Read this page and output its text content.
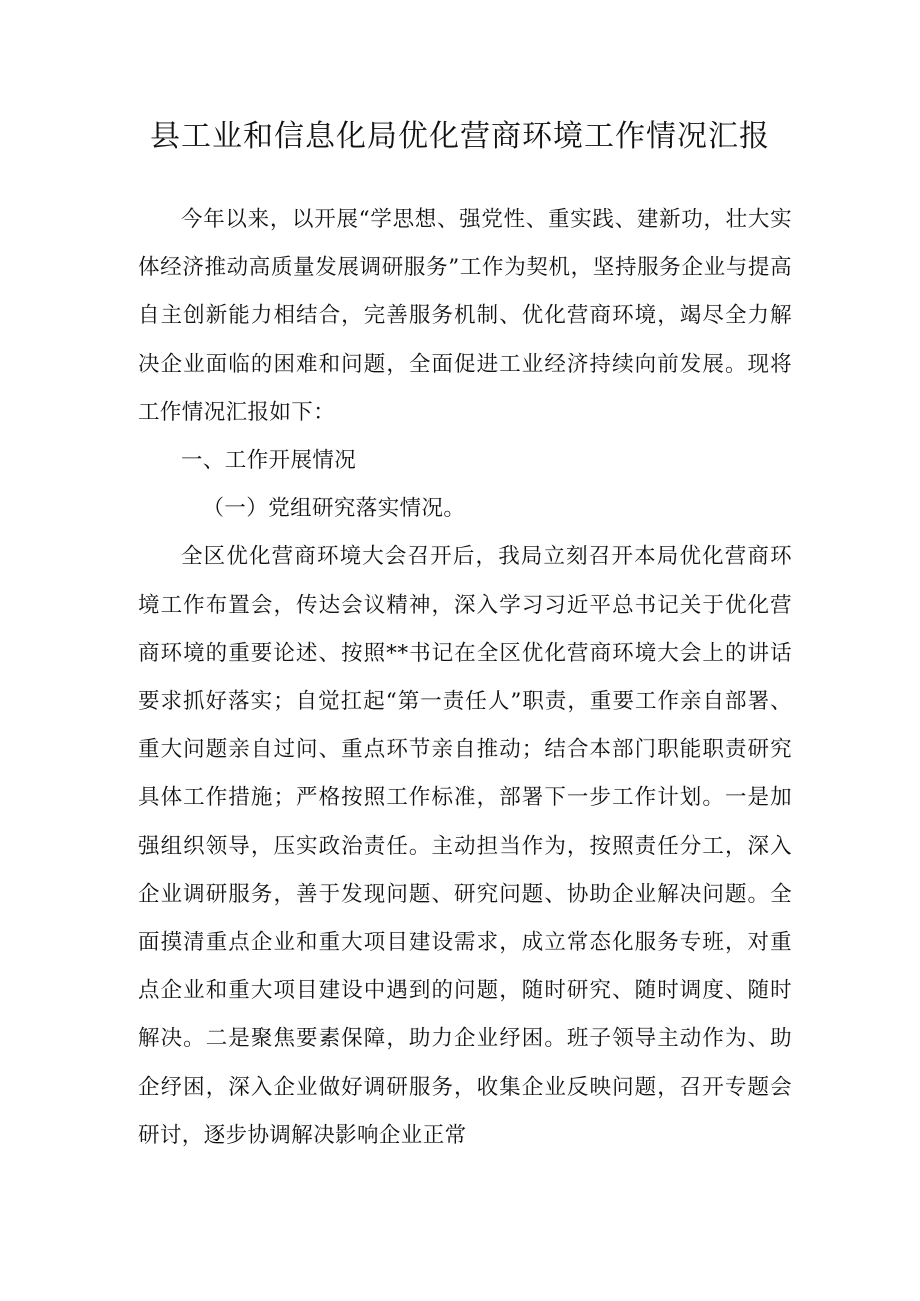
县工业和信息化局优化营商环境工作情况汇报

今年以来，以开展“学思想、强党性、重实践、建新功，壮大实体经济推动高质量发展调研服务”工作为契机，坚持服务企业与提高自主创新能力相结合，完善服务机制、优化营商环境，竭尽全力解决企业面临的困难和问题，全面促进工业经济持续向前发展。现将工作情况汇报如下：

一、工作开展情况

（一）党组研究落实情况。

全区优化营商环境大会召开后，我局立刻召开本局优化营商环境工作布置会，传达会议精神，深入学习习近平总书记关于优化营商环境的重要论述、按照**书记在全区优化营商环境大会上的讲话要求抓好落实；自觉扛起“第一责任人”职责，重要工作亲自部署、重大问题亲自过问、重点环节亲自推动；结合本部门职能职责研究具体工作措施；严格按照工作标准，部署下一步工作计划。一是加强组织领导，压实政治责任。主动担当作为，按照责任分工，深入企业调研服务，善于发现问题、研究问题、协助企业解决问题。全面摸清重点企业和重大项目建设需求，成立常态化服务专班，对重点企业和重大项目建设中遇到的问题，随时研究、随时调度、随时解决。二是聚焦要素保障，助力企业纾困。班子领导主动作为、助企纾困，深入企业做好调研服务，收集企业反映问题，召开专题会研讨，逐步协调解决影响企业正常
